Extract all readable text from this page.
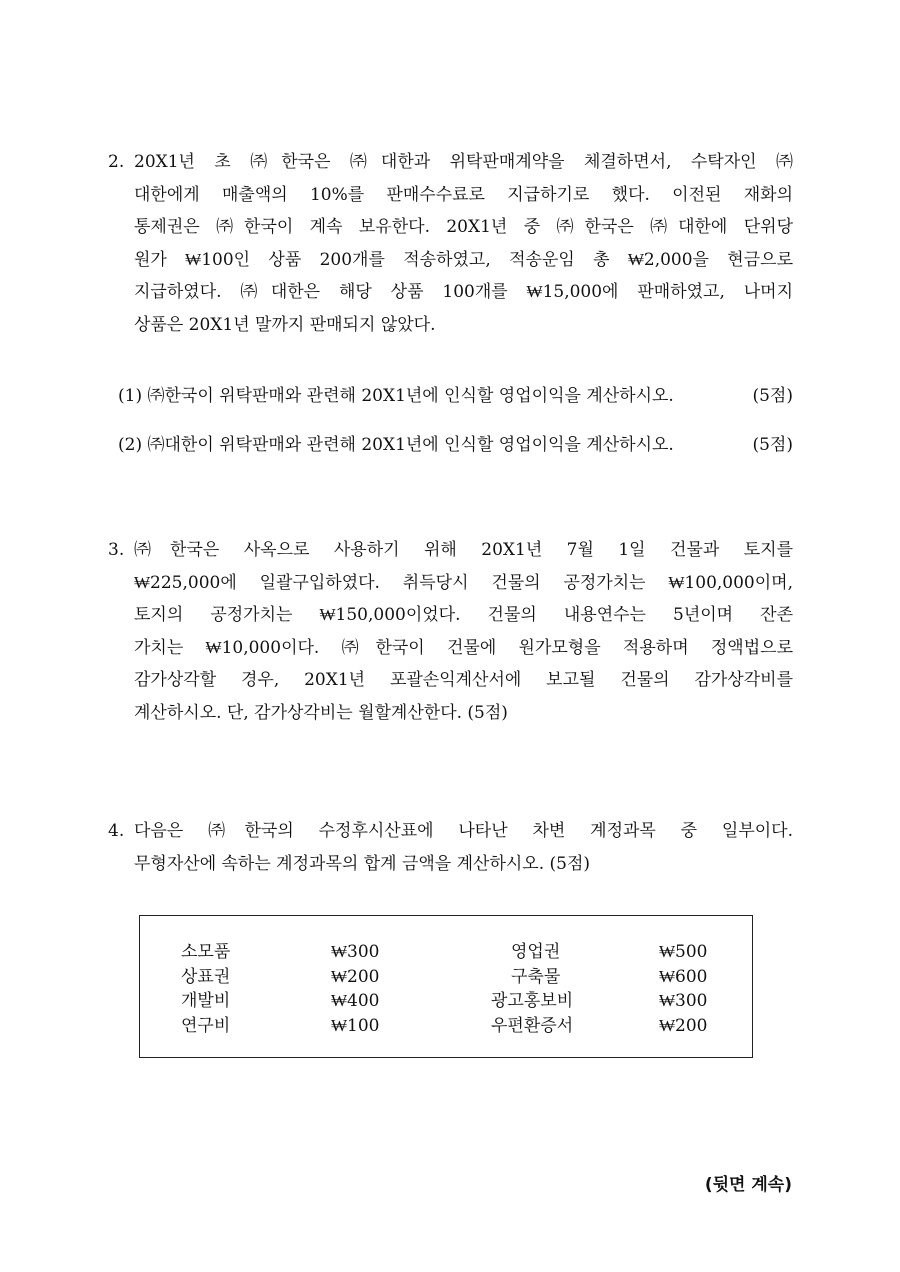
2. 20X1년 초 ㈜한국은 ㈜대한과 위탁판매계약을 체결하면서, 수탁자인 ㈜
대한에게 매출액의 10%를 판매수수료로 지급하기로 했다. 이전된 재화의
통제권은 ㈜한국이 계속 보유한다. 20X1년 중 ㈜한국은 ㈜대한에 단위당
원가 ₩100인 상품 200개를 적송하였고, 적송운임 총 ₩2,000을 현금으로
지급하였다. ㈜대한은 해당 상품 100개를 ₩15,000에 판매하였고, 나머지
상품은 20X1년 말까지 판매되지 않았다.
(1) ㈜한국이 위탁판매와 관련해 20X1년에 인식할 영업이익을 계산하시오.	(5점)
(2) ㈜대한이 위탁판매와 관련해 20X1년에 인식할 영업이익을 계산하시오.	(5점)
3. ㈜한국은 사옥으로 사용하기 위해 20X1년 7월 1일 건물과 토지를
₩225,000에 일괄구입하였다. 취득당시 건물의 공정가치는 ₩100,000이며,
토지의 공정가치는 ₩150,000이었다. 건물의 내용연수는 5년이며 잔존
가치는 ₩10,000이다. ㈜한국이 건물에 원가모형을 적용하며 정액법으로
감가상각할 경우, 20X1년 포괄손익계산서에 보고될 건물의 감가상각비를
계산하시오. 단, 감가상각비는 월할계산한다. (5점)
4. 다음은 ㈜한국의 수정후시산표에 나타난 차변 계정과목 중 일부이다.
무형자산에 속하는 계정과목의 합계 금액을 계산하시오. (5점)
소모품	₩300	영업권	₩500
상표권	₩200	구축물	₩600
개발비	₩400	광고홍보비	₩300
연구비	₩100	우편환증서	₩200
(뒷면 계속)
